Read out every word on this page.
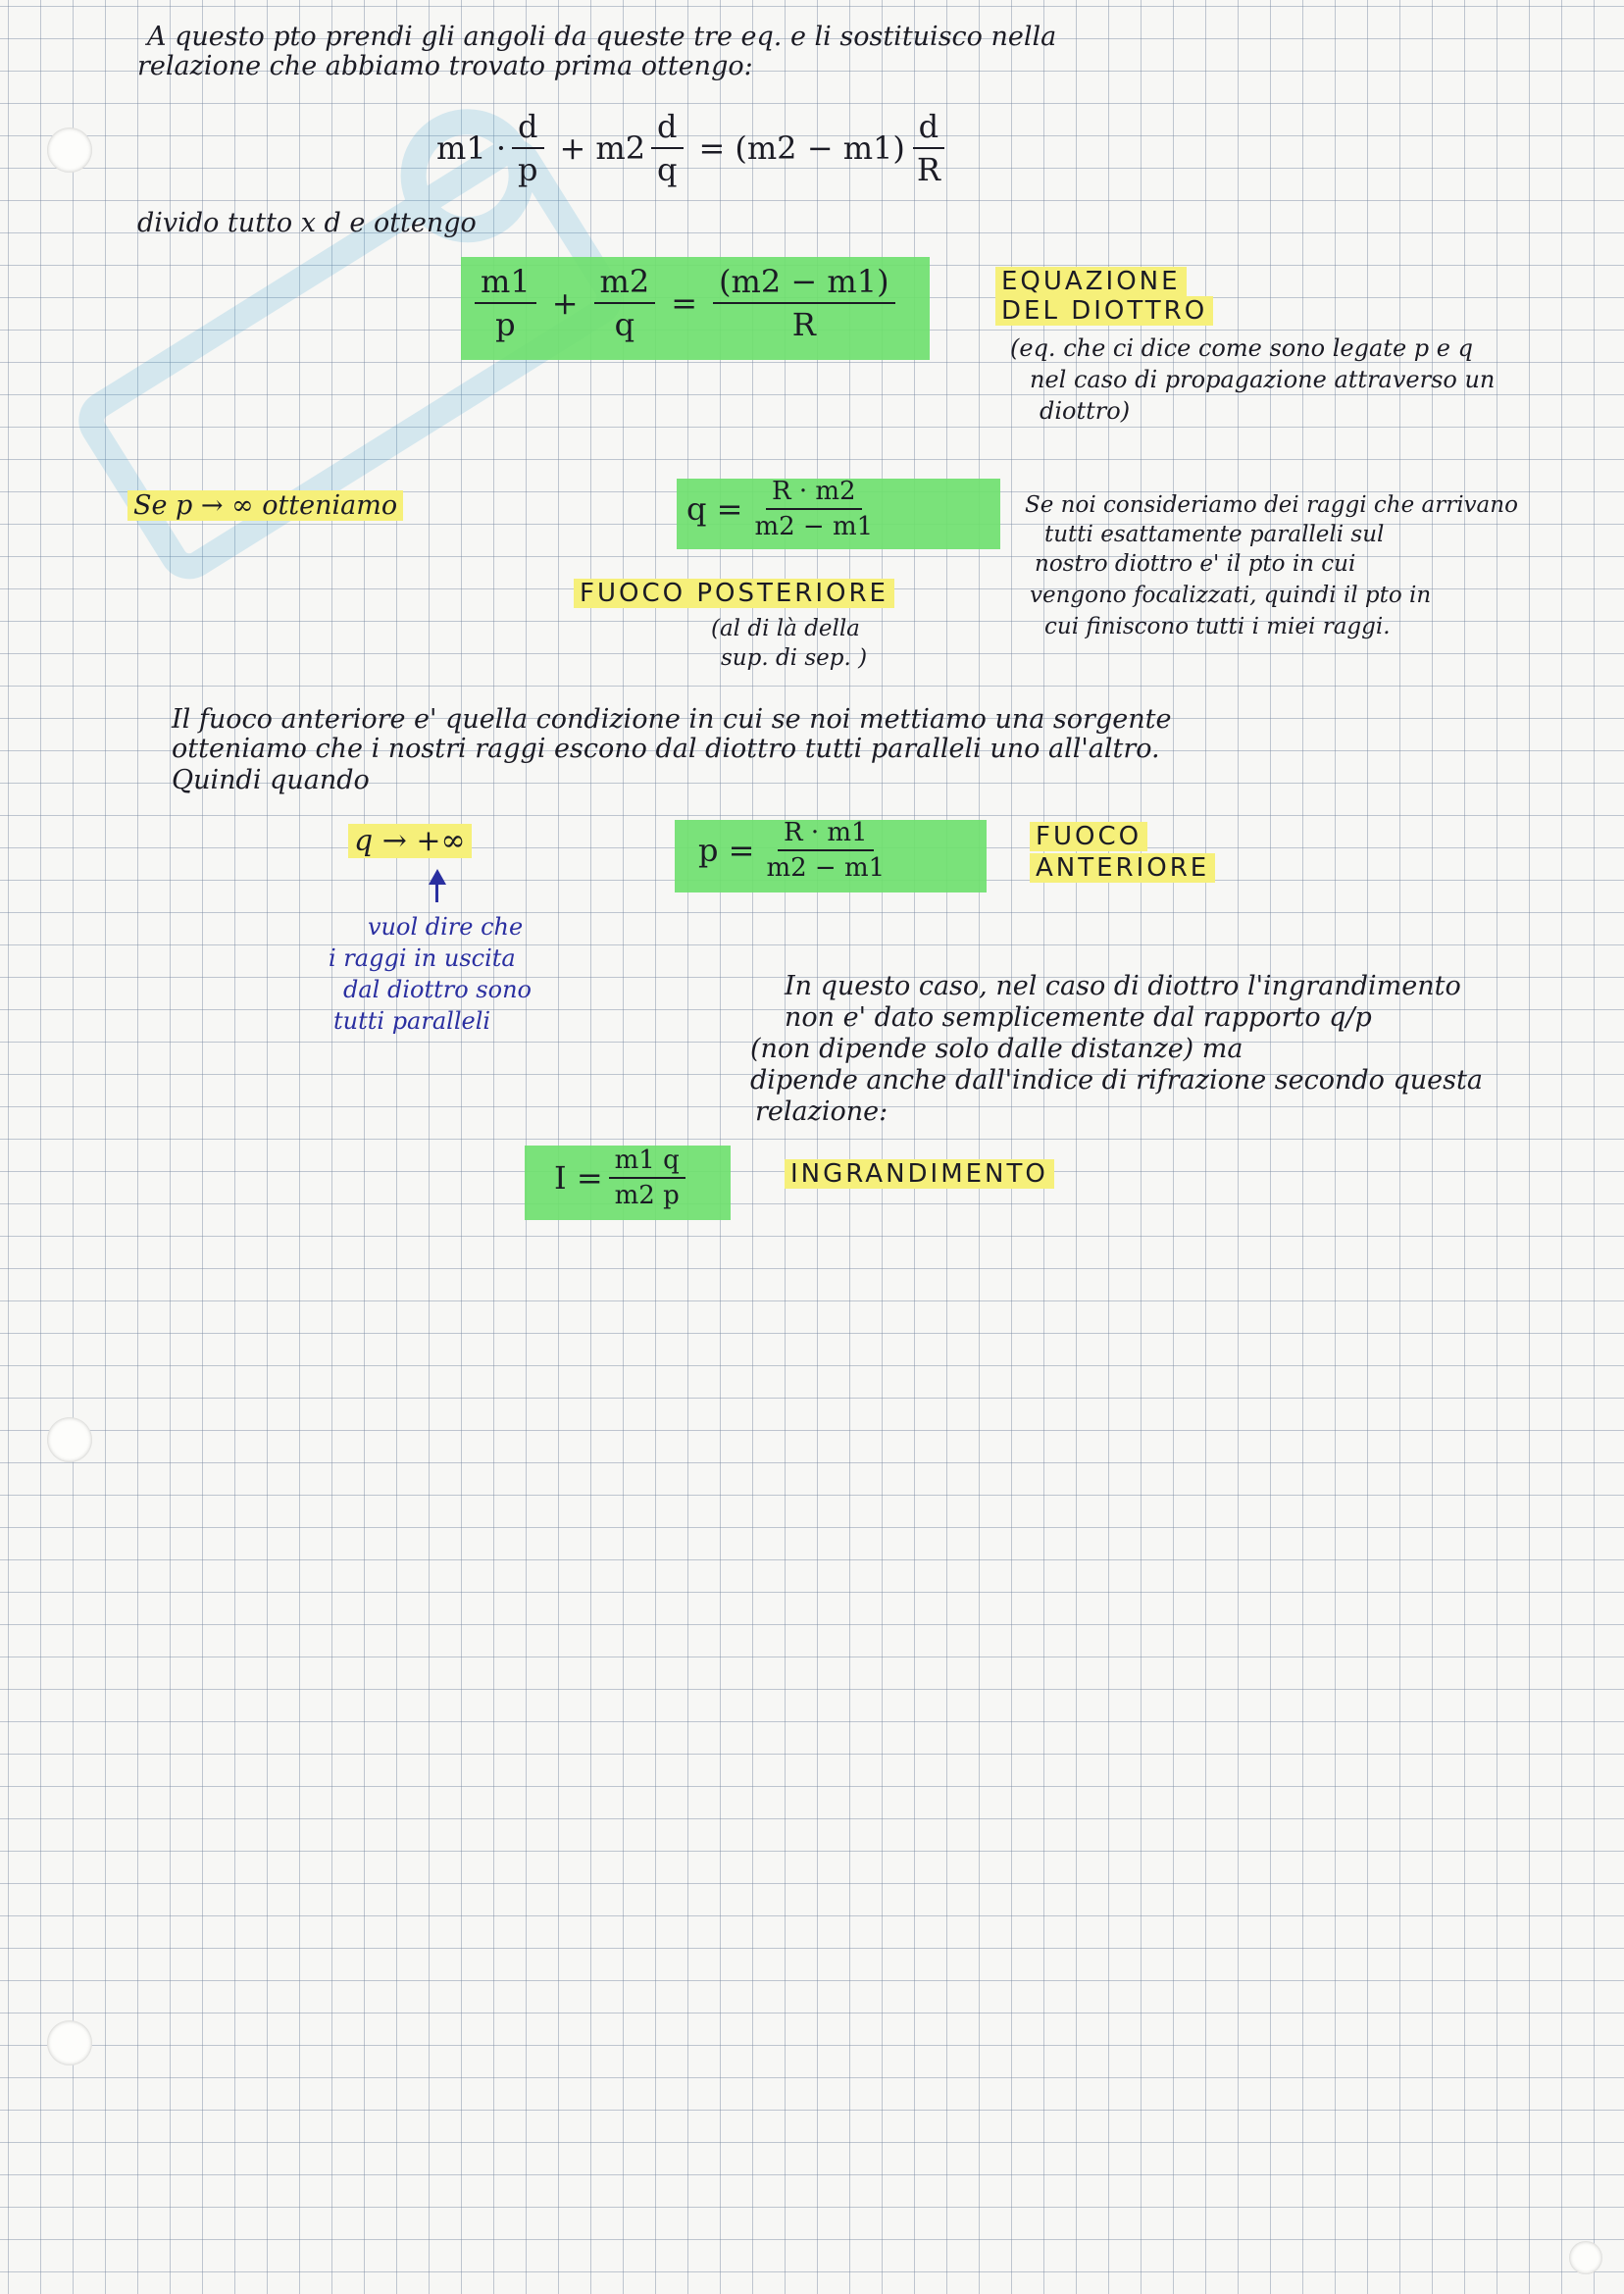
A questo pto prendi gli angoli da queste tre eq. e li sostituisco nella
relazione che abbiamo trovato prima ottengo:
$m1 \cdot \frac{d}{p} + m2 \frac{d}{q} = (m2 - m1) \frac{d}{R}$
divido tutto x d e ottengo
$\frac{m1}{p} + \frac{m2}{q} = \frac{(m2 - m1)}{R}$	EQUAZIONE
DEL DIOTTRO
(eq. che ci dice come sono legate p e q
nel caso di propagazione attraverso un
diottro)
Se p → ∞ otteniamo	$q = \frac{R \cdot m2}{m2 - m1}$
FUOCO POSTERIORE
(al di là della
sup. di sep. )
Se noi consideriamo dei raggi che arrivano
tutti esattamente paralleli sul
nostro diottro e' il pto in cui
vengono focalizzati, quindi il pto in
cui finiscono tutti i miei raggi.
Il fuoco anteriore e' quella condizione in cui se noi mettiamo una sorgente
otteniamo che i nostri raggi escono dal diottro tutti paralleli uno all'altro.
Quindi quando
q → +∞	$p = \frac{R \cdot m1}{m2 - m1}$	FUOCO
ANTERIORE
vuol dire che
i raggi in uscita
dal diottro sono
tutti paralleli
In questo caso, nel caso di diottro l'ingrandimento
non e' dato semplicemente dal rapporto q/p
(non dipende solo dalle distanze) ma
dipende anche dall'indice di rifrazione secondo questa
relazione:
$I = \frac{m1 q}{m2 p}$	INGRANDIMENTO
